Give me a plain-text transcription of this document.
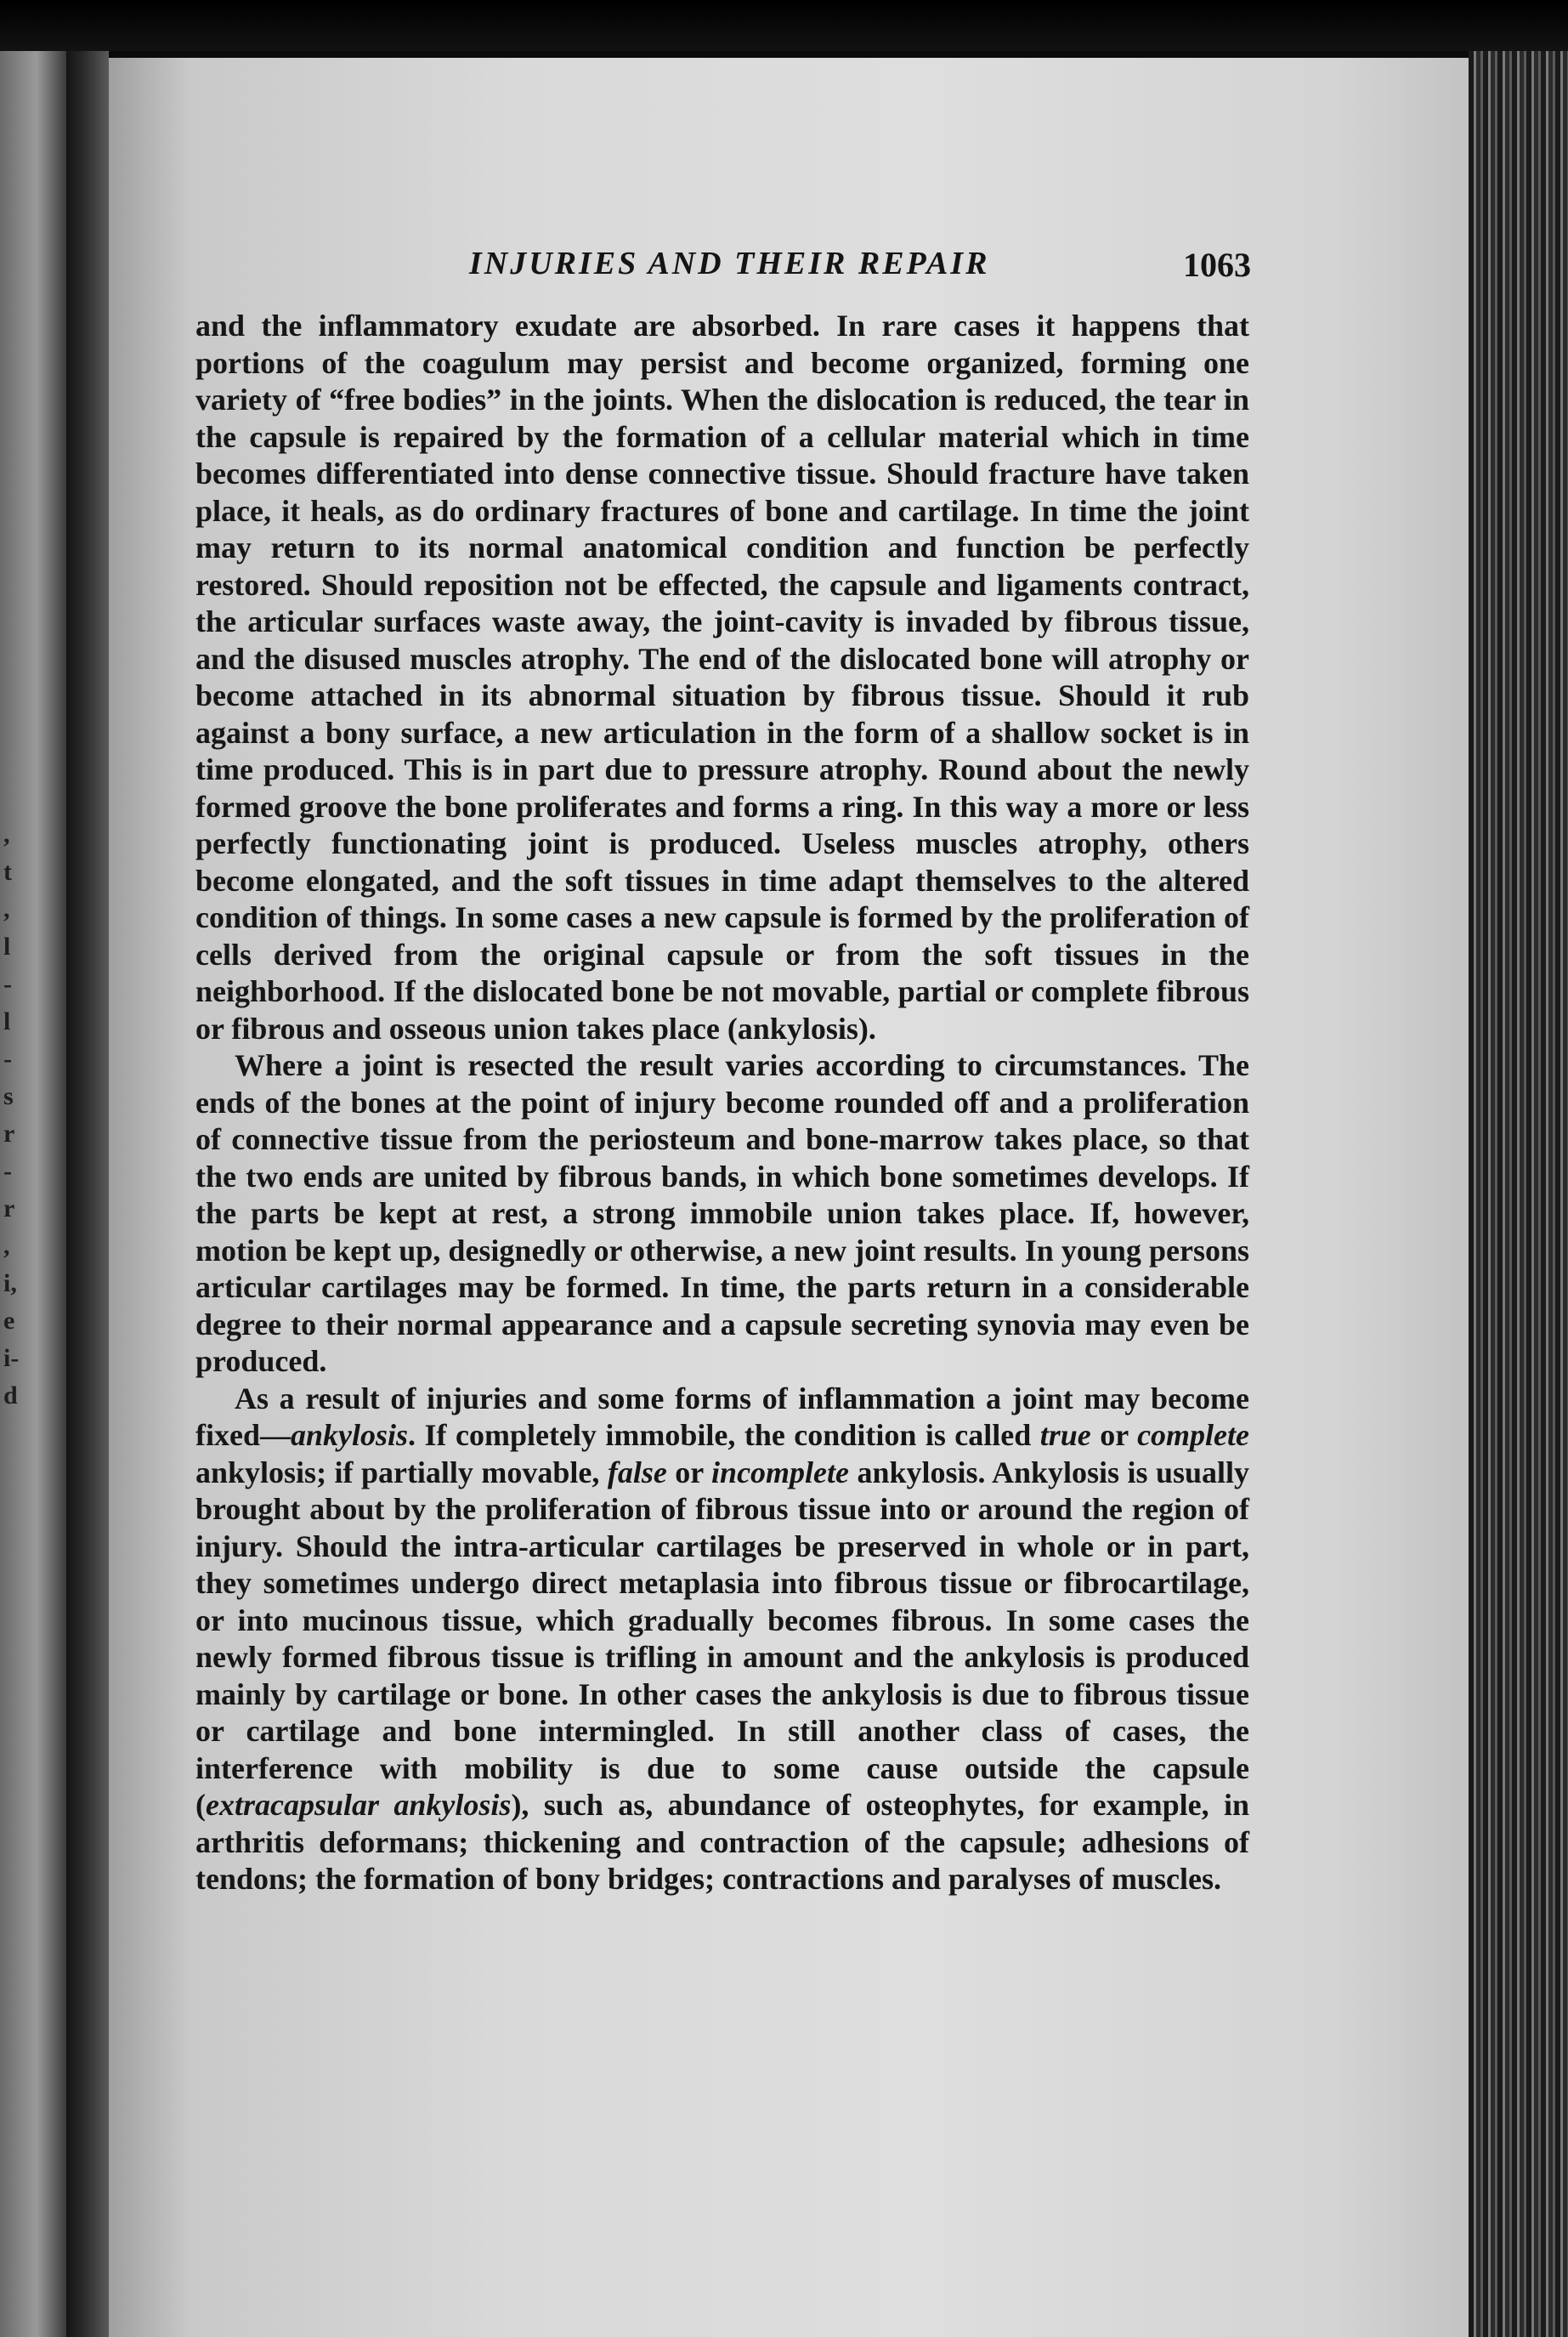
,
t
,
l
-
l
-
s
r
-
r
,
i,
e
i-
d
INJURIES AND THEIR REPAIR	1063

and the inflammatory exudate are absorbed. In rare cases it happens that portions of the coagulum may persist and become organized, forming one variety of “free bodies” in the joints. When the dislocation is reduced, the tear in the capsule is repaired by the formation of a cellular material which in time becomes differentiated into dense connective tissue. Should fracture have taken place, it heals, as do ordinary fractures of bone and cartilage. In time the joint may return to its normal anatomical condition and function be perfectly restored. Should reposition not be effected, the capsule and ligaments contract, the articular surfaces waste away, the joint-cavity is invaded by fibrous tissue, and the disused muscles atrophy. The end of the dislocated bone will atrophy or become attached in its abnormal situation by fibrous tissue. Should it rub against a bony surface, a new articulation in the form of a shallow socket is in time produced. This is in part due to pressure atrophy. Round about the newly formed groove the bone proliferates and forms a ring. In this way a more or less perfectly functionating joint is produced. Useless muscles atrophy, others become elongated, and the soft tissues in time adapt themselves to the altered condition of things. In some cases a new capsule is formed by the proliferation of cells derived from the original capsule or from the soft tissues in the neighborhood. If the dislocated bone be not movable, partial or complete fibrous or fibrous and osseous union takes place (ankylosis).

Where a joint is resected the result varies according to circumstances. The ends of the bones at the point of injury become rounded off and a proliferation of connective tissue from the periosteum and bone-marrow takes place, so that the two ends are united by fibrous bands, in which bone sometimes develops. If the parts be kept at rest, a strong immobile union takes place. If, however, motion be kept up, designedly or otherwise, a new joint results. In young persons articular cartilages may be formed. In time, the parts return in a considerable degree to their normal appearance and a capsule secreting synovia may even be produced.

As a result of injuries and some forms of inflammation a joint may become fixed—ankylosis. If completely immobile, the condition is called true or complete ankylosis; if partially movable, false or incomplete ankylosis. Ankylosis is usually brought about by the proliferation of fibrous tissue into or around the region of injury. Should the intra-articular cartilages be preserved in whole or in part, they sometimes undergo direct metaplasia into fibrous tissue or fibrocartilage, or into mucinous tissue, which gradually becomes fibrous. In some cases the newly formed fibrous tissue is trifling in amount and the ankylosis is produced mainly by cartilage or bone. In other cases the ankylosis is due to fibrous tissue or cartilage and bone intermingled. In still another class of cases, the interference with mobility is due to some cause outside the capsule (extracapsular ankylosis), such as, abundance of osteophytes, for example, in arthritis deformans; thickening and contraction of the capsule; adhesions of tendons; the formation of bony bridges; contractions and paralyses of muscles.
